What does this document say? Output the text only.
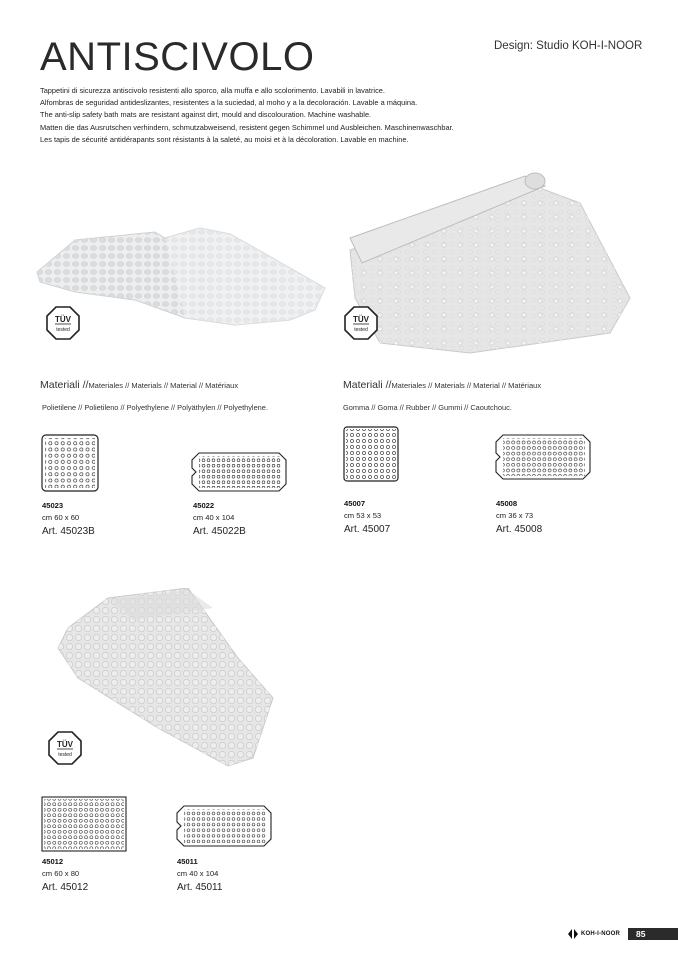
ANTISCIVOLO	Design: Studio KOH-I-NOOR
Tappetini di sicurezza antiscivolo resistenti allo sporco, alla muffa e allo scolorimento. Lavabili in lavatrice.
Alfombras de seguridad antideslizantes, resistentes a la suciedad, al moho y a la decoloración. Lavable a máquina.
The anti-slip safety bath mats are resistant against dirt, mould and discolouration. Machine washable.
Matten die das Ausrutschen verhindern, schmutzabweisend, resistent gegen Schimmel und Ausbleichen. Maschinenwaschbar.
Les tapis de sécurité antidérapants sont résistants à la saleté, au moisi et à la décoloration. Lavable en machine.
TÜV
tested
TÜV
tested
TÜV
tested
Materiali //Materiales // Materials // Material // Matériaux
Polietilene // Polietileno // Polyethylene // Polyäthylen // Polyethylene.
Materiali //Materiales // Materials // Material // Matériaux
Gomma // Goma // Rubber // Gummi // Caoutchouc.
45023
cm 60 x 60
Art. 45023B
45022
cm 40 x 104
Art. 45022B
45007
cm 53 x 53
Art. 45007
45008
cm 36 x 73
Art. 45008
45012
cm 60 x 80
Art. 45012
45011
cm 40 x 104
Art. 45011
KOH-I-NOOR 85
